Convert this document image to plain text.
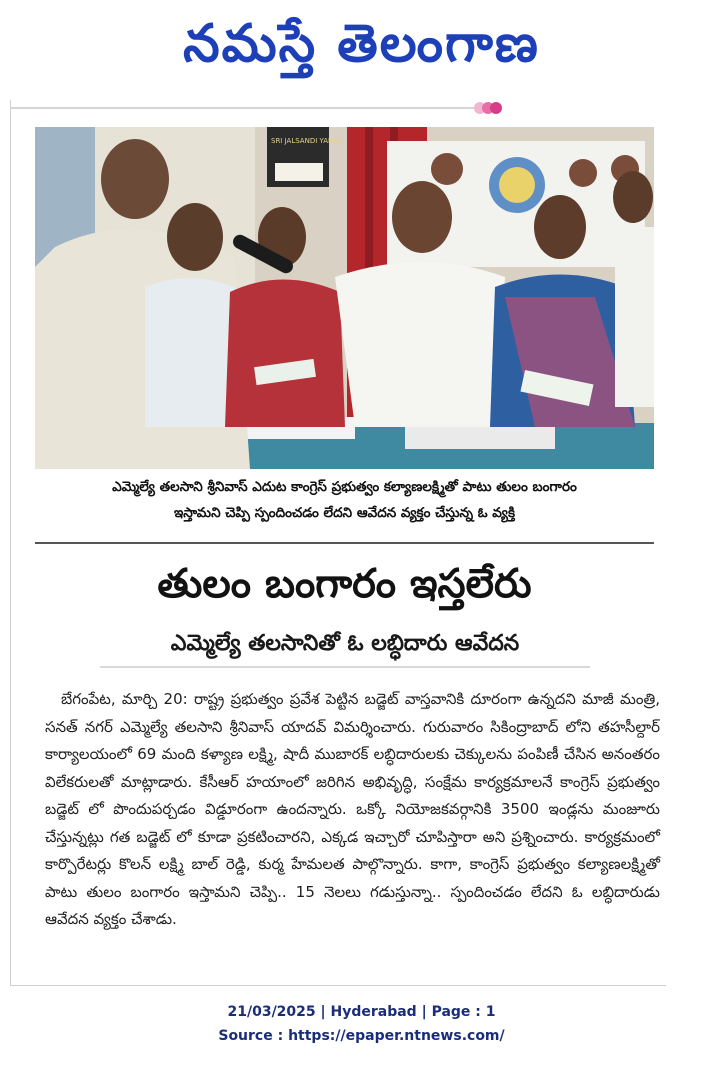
నమస్తే తెలంగాణ
SRI JALSANDI YADAV
ఎమ్మెల్యే తలసాని శ్రీనివాస్ ఎదుట కాంగ్రెస్ ప్రభుత్వం కల్యాణలక్ష్మితో పాటు తులం బంగారం
ఇస్తామని చెప్పి స్పందించడం లేదని ఆవేదన వ్యక్తం చేస్తున్న ఓ వ్యక్తి
తులం బంగారం ఇస్తలేరు
ఎమ్మెల్యే తలసానితో ఓ లబ్ధిదారు ఆవేదన
బేగంపేట, మార్చి 20: రాష్ట్ర ప్రభుత్వం ప్రవేశ పెట్టిన బడ్జెట్ వాస్తవానికి దూరంగా ఉన్నదని మాజీ మంత్రి, సనత్ నగర్ ఎమ్మెల్యే తలసాని శ్రీనివాస్ యాదవ్ విమర్శించారు. గురువారం సికింద్రాబాద్ లోని తహసీల్దార్ కార్యాలయంలో 69 మంది కళ్యాణ లక్ష్మి, షాదీ ముబారక్ లబ్ధిదారులకు చెక్కులను పంపిణీ చేసిన అనంతరం విలేకరులతో మాట్లాడారు. కేసీఆర్ హయాంలో జరిగిన అభివృద్ధి, సంక్షేమ కార్యక్రమాలనే కాంగ్రెస్ ప్రభుత్వం బడ్జెట్ లో పొందుపర్చడం విడ్డూరంగా ఉందన్నారు. ఒక్కో నియోజకవర్గానికి 3500 ఇండ్లను మంజూరు చేస్తున్నట్లు గత బడ్జెట్ లో కూడా ప్రకటించారని, ఎక్కడ ఇచ్చారో చూపిస్తారా అని ప్రశ్నించారు. కార్యక్రమంలో కార్పొరేటర్లు కొలన్ లక్ష్మి బాల్ రెడ్డి, కుర్మ హేమలత పాల్గొన్నారు. కాగా, కాంగ్రెస్ ప్రభుత్వం కల్యాణలక్ష్మితో పాటు తులం బంగారం ఇస్తామని చెప్పి.. 15 నెలలు గడుస్తున్నా.. స్పందించడం లేదని ఓ లబ్ధిదారుడు ఆవేదన వ్యక్తం చేశాడు.
21/03/2025 | Hyderabad | Page : 1
Source : https://epaper.ntnews.com/
